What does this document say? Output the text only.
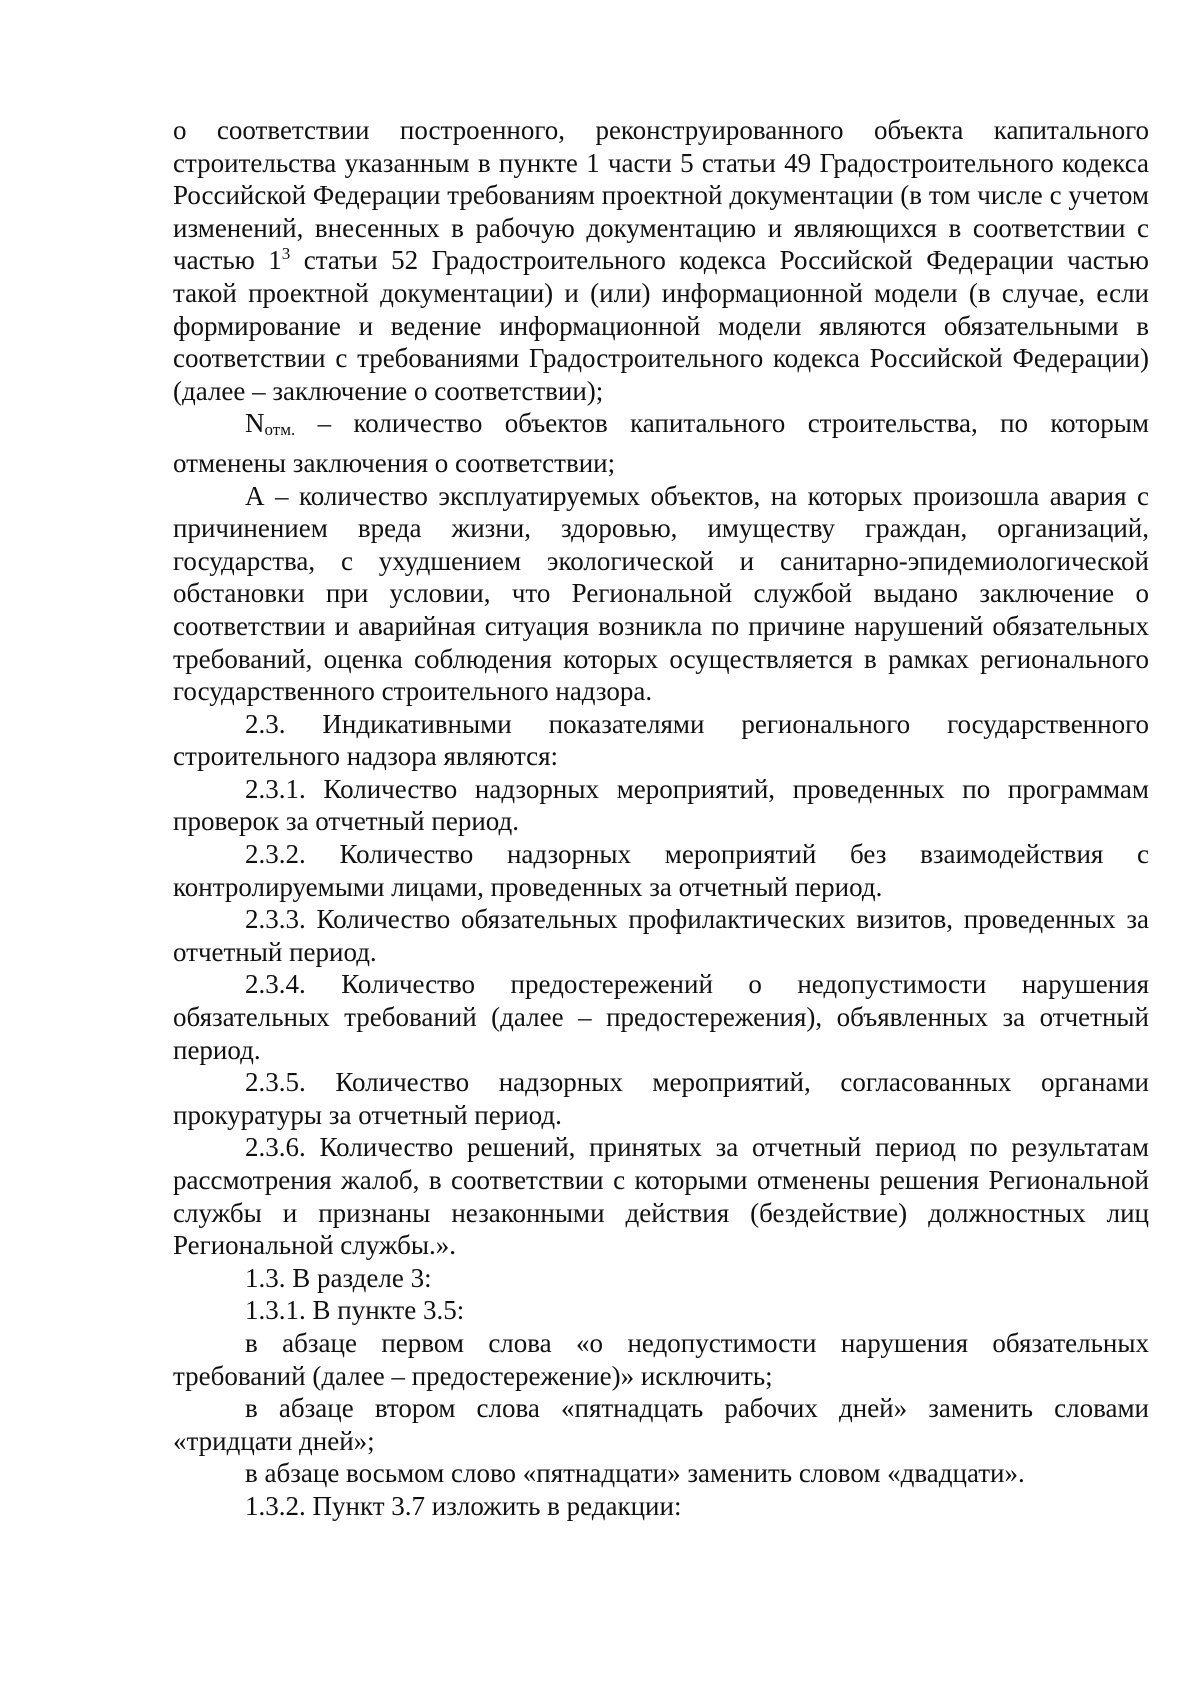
о соответствии построенного, реконструированного объекта капитального строительства указанным в пункте 1 части 5 статьи 49 Градостроительного кодекса Российской Федерации требованиям проектной документации (в том числе с учетом изменений, внесенных в рабочую документацию и являющихся в соответствии с частью $1^3$ статьи 52 Градостроительного кодекса Российской Федерации частью такой проектной документации) и (или) информационной модели (в случае, если формирование и ведение информационной модели являются обязательными в соответствии с требованиями Градостроительного кодекса Российской Федерации) (далее – заключение о соответствии);

Nотм. – количество объектов капитального строительства, по которым отменены заключения о соответствии;

А – количество эксплуатируемых объектов, на которых произошла авария с причинением вреда жизни, здоровью, имуществу граждан, организаций, государства, с ухудшением экологической и санитарно-эпидемиологической обстановки при условии, что Региональной службой выдано заключение о соответствии и аварийная ситуация возникла по причине нарушений обязательных требований, оценка соблюдения которых осуществляется в рамках регионального государственного строительного надзора.

2.3. Индикативными показателями регионального государственного строительного надзора являются:

2.3.1. Количество надзорных мероприятий, проведенных по программам проверок за отчетный период.

2.3.2. Количество надзорных мероприятий без взаимодействия с контролируемыми лицами, проведенных за отчетный период.

2.3.3. Количество обязательных профилактических визитов, проведенных за отчетный период.

2.3.4. Количество предостережений о недопустимости нарушения обязательных требований (далее – предостережения), объявленных за отчетный период.

2.3.5. Количество надзорных мероприятий, согласованных органами прокуратуры за отчетный период.

2.3.6. Количество решений, принятых за отчетный период по результатам рассмотрения жалоб, в соответствии с которыми отменены решения Региональной службы и признаны незаконными действия (бездействие) должностных лиц Региональной службы.».

1.3. В разделе 3:

1.3.1. В пункте 3.5:

в абзаце первом слова «о недопустимости нарушения обязательных требований (далее – предостережение)» исключить;

в абзаце втором слова «пятнадцать рабочих дней» заменить словами «тридцати дней»;

в абзаце восьмом слово «пятнадцати» заменить словом «двадцати».

1.3.2. Пункт 3.7 изложить в редакции:
